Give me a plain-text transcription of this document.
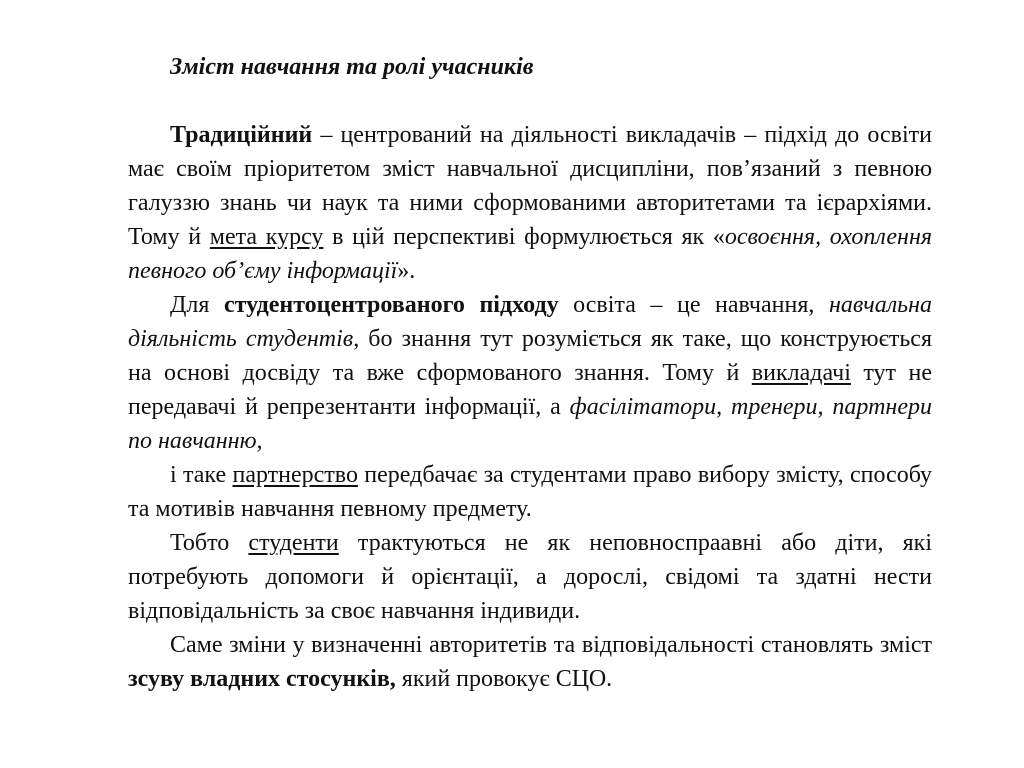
Зміст навчання та ролі учасників

Традиційний – центрований на діяльності викладачів – підхід до освіти має своїм пріоритетом зміст навчальної дисципліни, пов’язаний з певною галуззю знань чи наук та ними сформованими авторитетами та ієрархіями. Тому й мета курсу в цій перспективі формулюється як «освоєння, охоплення певного об’єму інформації».

Для студентоцентрованого підходу освіта – це навчання, навчальна діяльність студентів, бо знання тут розуміється як таке, що конструюється на основі досвіду та вже сформованого знання. Тому й викладачі тут не передавачі й репрезентанти інформації, а фасілітатори, тренери, партнери по навчанню,

і таке партнерство передбачає за студентами право вибору змісту, способу та мотивів навчання певному предмету.

Тобто студенти трактуються не як неповноспраавні або діти, які потребують допомоги й орієнтації, а дорослі, свідомі та здатні нести відповідальність за своє навчання індивиди.

Саме зміни у визначенні авторитетів та відповідальності становлять зміст зсуву владних стосунків, який провокує СЦО.
